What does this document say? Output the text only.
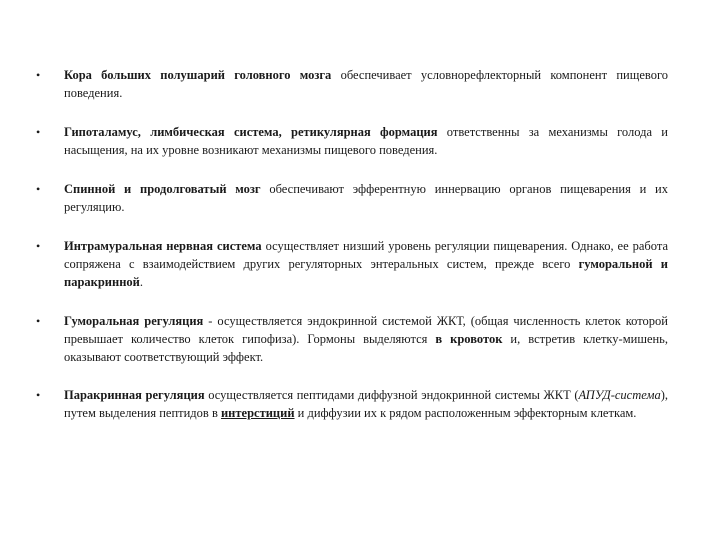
•	Кора больших полушарий головного мозга обеспечивает условнорефлекторный компонент пищевого поведения.
•	Гипоталамус, лимбическая система, ретикулярная формация ответственны за механизмы голода и насыщения, на их уровне возникают механизмы пищевого поведения.
•	Спинной и продолговатый мозг обеспечивают эфферентную иннервацию органов пищеварения и их регуляцию.
•	Интрамуральная нервная система осуществляет низший уровень регуляции пищеварения. Однако, ее работа сопряжена с взаимодействием других регуляторных энтеральных систем, прежде всего гуморальной и паракринной.
•	Гуморальная регуляция - осуществляется эндокринной системой ЖКТ, (общая численность клеток которой превышает количество клеток гипофиза). Гормоны выделяются в кровоток и, встретив клетку-мишень, оказывают соответствующий эффект.
•	Паракринная регуляция осуществляется пептидами диффузной эндокринной системы ЖКТ (АПУД-система), путем выделения пептидов в интерстиций и диффузии их к рядом расположенным эффекторным клеткам.
